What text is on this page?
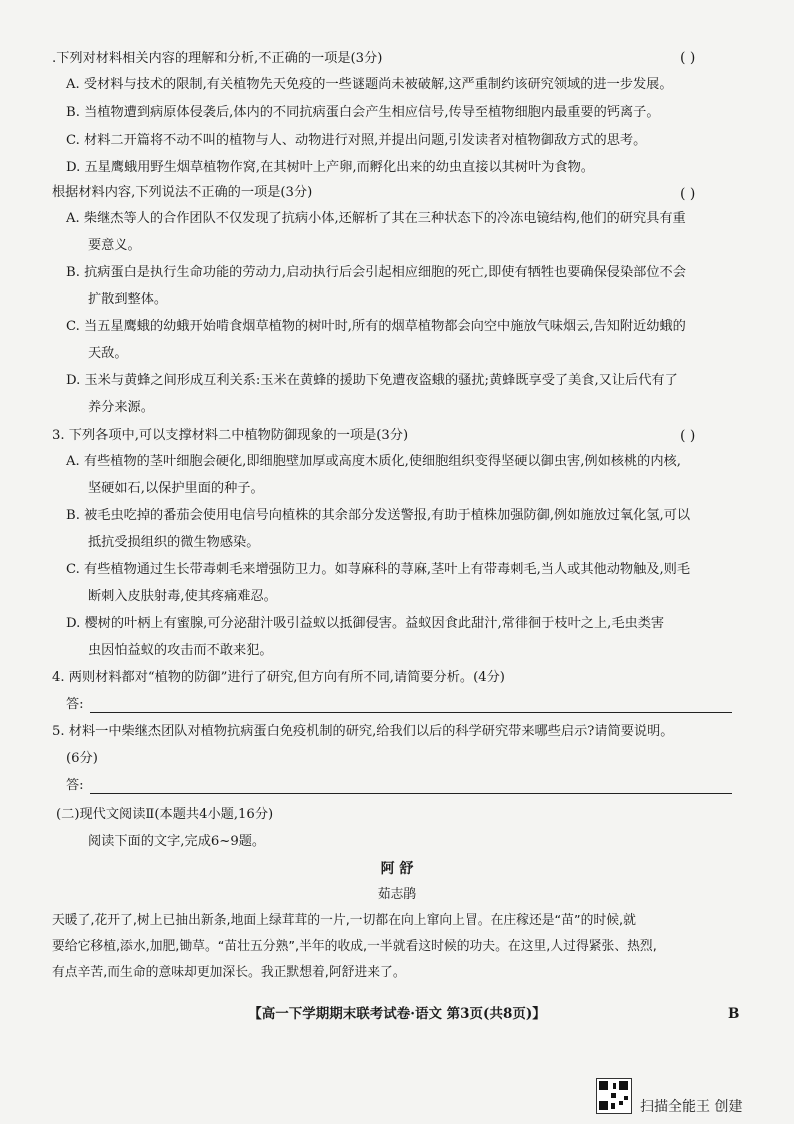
.下列对材料相关内容的理解和分析,不正确的一项是(3分)	( )

A. 受材料与技术的限制,有关植物先天免疫的一些谜题尚未被破解,这严重制约该研究领域的进一步发展。

B. 当植物遭到病原体侵袭后,体内的不同抗病蛋白会产生相应信号,传导至植物细胞内最重要的钙离子。

C. 材料二开篇将不动不叫的植物与人、动物进行对照,并提出问题,引发读者对植物御敌方式的思考。

D. 五星鹰蛾用野生烟草植物作窝,在其树叶上产卵,而孵化出来的幼虫直接以其树叶为食物。

根据材料内容,下列说法不正确的一项是(3分)	( )

A. 柴继杰等人的合作团队不仅发现了抗病小体,还解析了其在三种状态下的冷冻电镜结构,他们的研究具有重

要意义。

B. 抗病蛋白是执行生命功能的劳动力,启动执行后会引起相应细胞的死亡,即使有牺牲也要确保侵染部位不会

扩散到整体。

C. 当五星鹰蛾的幼蛾开始啃食烟草植物的树叶时,所有的烟草植物都会向空中施放气味烟云,告知附近幼蛾的

天敌。

D. 玉米与黄蜂之间形成互利关系:玉米在黄蜂的援助下免遭夜盗蛾的骚扰;黄蜂既享受了美食,又让后代有了

养分来源。

3. 下列各项中,可以支撑材料二中植物防御现象的一项是(3分)	( )

A. 有些植物的茎叶细胞会硬化,即细胞壁加厚或高度木质化,使细胞组织变得坚硬以御虫害,例如核桃的内核,

坚硬如石,以保护里面的种子。

B. 被毛虫吃掉的番茄会使用电信号向植株的其余部分发送警报,有助于植株加强防御,例如施放过氧化氢,可以

抵抗受损组织的微生物感染。

C. 有些植物通过生长带毒刺毛来增强防卫力。如荨麻科的荨麻,茎叶上有带毒刺毛,当人或其他动物触及,则毛

断刺入皮肤射毒,使其疼痛难忍。

D. 樱树的叶柄上有蜜腺,可分泌甜汁吸引益蚁以抵御侵害。益蚁因食此甜汁,常徘徊于枝叶之上,毛虫类害

虫因怕益蚁的攻击而不敢来犯。

4. 两则材料都对“植物的防御”进行了研究,但方向有所不同,请简要分析。(4分)

答:

5. 材料一中柴继杰团队对植物抗病蛋白免疫机制的研究,给我们以后的科学研究带来哪些启示?请简要说明。

(6分)

答:

(二)现代文阅读Ⅱ(本题共4小题,16分)

阅读下面的文字,完成6~9题。

阿 舒

茹志鹃

天暖了,花开了,树上已抽出新条,地面上绿茸茸的一片,一切都在向上窜向上冒。在庄稼还是“苗”的时候,就

要给它移植,添水,加肥,锄草。“苗壮五分熟”,半年的收成,一半就看这时候的功夫。在这里,人过得紧张、热烈,

有点辛苦,而生命的意味却更加深长。我正默想着,阿舒进来了。

【高一下学期期末联考试卷·语文 第3页(共8页)】	B

扫描全能王 创建
